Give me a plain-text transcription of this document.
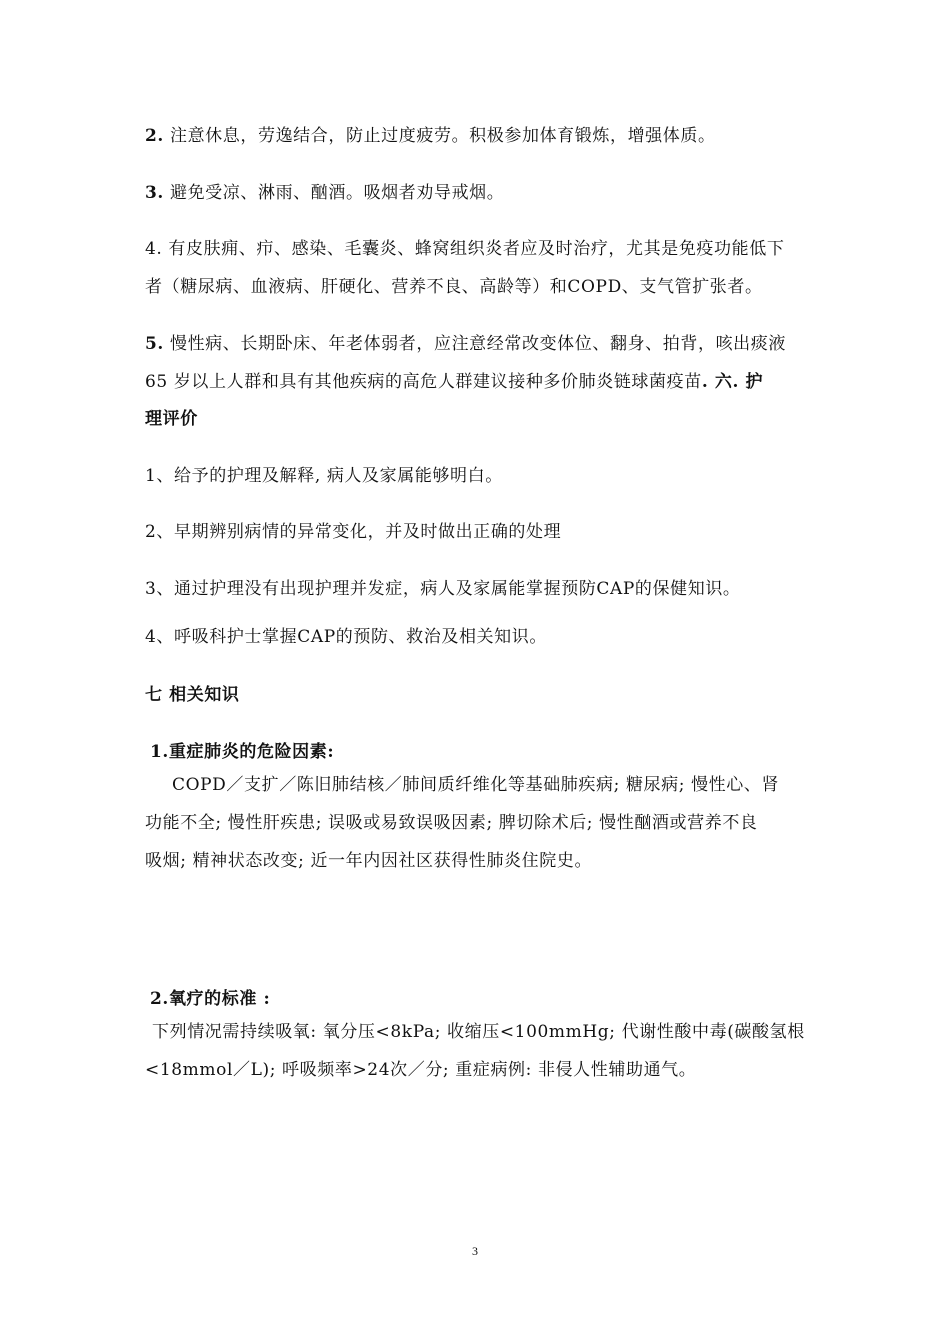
2. 注意休息，劳逸结合，防止过度疲劳。积极参加体育锻炼，增强体质。
3. 避免受凉、淋雨、酗酒。吸烟者劝导戒烟。
4. 有皮肤痈、疖、感染、毛囊炎、蜂窝组织炎者应及时治疗，尤其是免疫功能低下
者（糖尿病、血液病、肝硬化、营养不良、高龄等）和COPD、支气管扩张者。
5. 慢性病、长期卧床、年老体弱者，应注意经常改变体位、翻身、拍背，咳出痰液
65 岁以上人群和具有其他疾病的高危人群建议接种多价肺炎链球菌疫苗. 六. 护
理评价
1、给予的护理及解释, 病人及家属能够明白。
2、早期辨别病情的异常变化，并及时做出正确的处理
3、通过护理没有出现护理并发症，病人及家属能掌握预防CAP的保健知识。
4、呼吸科护士掌握CAP的预防、救治及相关知识。
七 相关知识
1.重症肺炎的危险因素:
COPD／支扩／陈旧肺结核／肺间质纤维化等基础肺疾病; 糖尿病; 慢性心、肾
功能不全; 慢性肝疾患; 误吸或易致误吸因素; 脾切除术后; 慢性酗酒或营养不良
吸烟; 精神状态改变; 近一年内因社区获得性肺炎住院史。
2.氧疗的标准 :
下列情况需持续吸氧: 氧分压<8kPa; 收缩压<100mmHg; 代谢性酸中毒(碳酸氢根
<18mmol／L); 呼吸频率>24次／分; 重症病例: 非侵人性辅助通气。
3
